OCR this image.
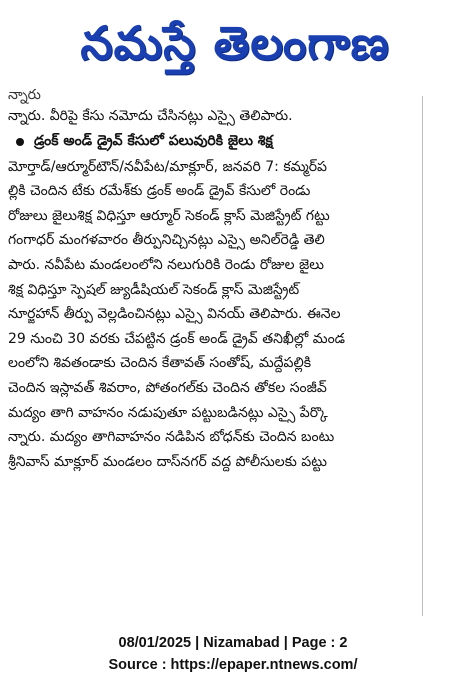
నమస్తే తెలంగాణ
న్నారు
న్నారు. వీరిపై కేసు నమోదు చేసినట్లు ఎస్సై తెలిపారు.
డ్రంక్ అండ్ డ్రైవ్ కేసులో పలువురికి జైలు శిక్ష
మోర్తాడ్/ఆర్మూర్‌టౌన్/నవీపేట/మాక్లూర్, జనవరి 7: కమ్మర్‌ప
ల్లికి చెందిన టేకు రమేశ్‌కు డ్రంక్ అండ్ డ్రైవ్ కేసులో రెండు
రోజులు జైలుశిక్ష విధిస్తూ ఆర్మూర్ సెకండ్ క్లాస్ మెజిస్ట్రేట్ గట్టు
గంగాధర్ మంగళవారం తీర్పునిచ్చినట్లు ఎస్సై అనిల్‌రెడ్డి తెలి
పారు. నవీపేట మండలంలోని నలుగురికి రెండు రోజుల జైలు
శిక్ష విధిస్తూ స్పెషల్ జ్యుడీషియల్ సెకండ్ క్లాస్ మెజిస్ట్రేట్
నూర్జహాన్ తీర్పు వెల్లడించినట్లు ఎస్సై వినయ్ తెలిపారు. ఈనెల
29 నుంచి 30 వరకు చేపట్టిన డ్రంక్ అండ్ డ్రైవ్ తనిఖీల్లో మండ
లంలోని శివతండాకు చెందిన కేతావత్ సంతోష్, మద్దేపల్లికి
చెందిన ఇస్లావత్ శివరాం, పోతంగల్‌కు చెందిన తోకల సంజీవ్
మద్యం తాగి వాహనం నడుపుతూ పట్టుబడినట్లు ఎస్సై పేర్కొ
న్నారు. మద్యం తాగివాహనం నడిపిన బోధన్‌కు చెందిన బంటు
శ్రీనివాస్ మాక్లూర్ మండలం దాస్‌నగర్ వద్ద పోలీసులకు పట్టు
08/01/2025 | Nizamabad | Page : 2
Source : https://epaper.ntnews.com/
